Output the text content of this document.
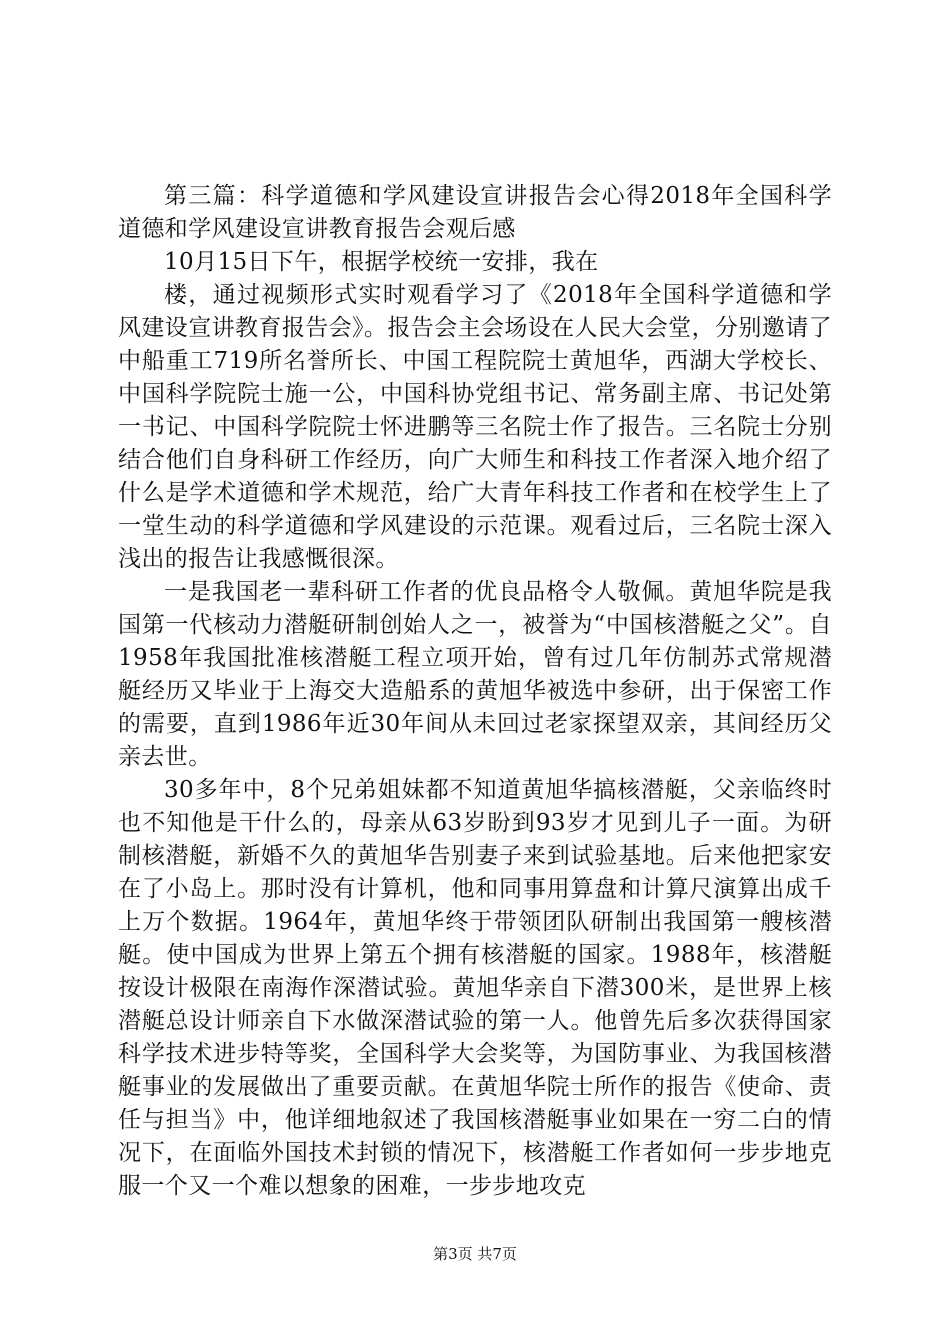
第三篇：科学道德和学风建设宣讲报告会心得2018年全国科学道德和学风建设宣讲教育报告会观后感

10月15日下午，根据学校统一安排，我在

楼，通过视频形式实时观看学习了《2018年全国科学道德和学风建设宣讲教育报告会》。报告会主会场设在人民大会堂，分别邀请了中船重工719所名誉所长、中国工程院院士黄旭华，西湖大学校长、中国科学院院士施一公，中国科协党组书记、常务副主席、书记处第一书记、中国科学院院士怀进鹏等三名院士作了报告。三名院士分别结合他们自身科研工作经历，向广大师生和科技工作者深入地介绍了什么是学术道德和学术规范，给广大青年科技工作者和在校学生上了一堂生动的科学道德和学风建设的示范课。观看过后，三名院士深入浅出的报告让我感慨很深。

一是我国老一辈科研工作者的优良品格令人敬佩。黄旭华院是我国第一代核动力潜艇研制创始人之一，被誉为“中国核潜艇之父”。自1958年我国批准核潜艇工程立项开始，曾有过几年仿制苏式常规潜艇经历又毕业于上海交大造船系的黄旭华被选中参研，出于保密工作的需要，直到1986年近30年间从未回过老家探望双亲，其间经历父亲去世。

30多年中，8个兄弟姐妹都不知道黄旭华搞核潜艇，父亲临终时也不知他是干什么的，母亲从63岁盼到93岁才见到儿子一面。为研制核潜艇，新婚不久的黄旭华告别妻子来到试验基地。后来他把家安在了小岛上。那时没有计算机，他和同事用算盘和计算尺演算出成千上万个数据。1964年，黄旭华终于带领团队研制出我国第一艘核潜艇。使中国成为世界上第五个拥有核潜艇的国家。1988年，核潜艇按设计极限在南海作深潜试验。黄旭华亲自下潜300米，是世界上核潜艇总设计师亲自下水做深潜试验的第一人。他曾先后多次获得国家科学技术进步特等奖，全国科学大会奖等，为国防事业、为我国核潜艇事业的发展做出了重要贡献。在黄旭华院士所作的报告《使命、责任与担当》中，他详细地叙述了我国核潜艇事业如果在一穷二白的情况下，在面临外国技术封锁的情况下，核潜艇工作者如何一步步地克服一个又一个难以想象的困难，一步步地攻克

第3页 共7页
